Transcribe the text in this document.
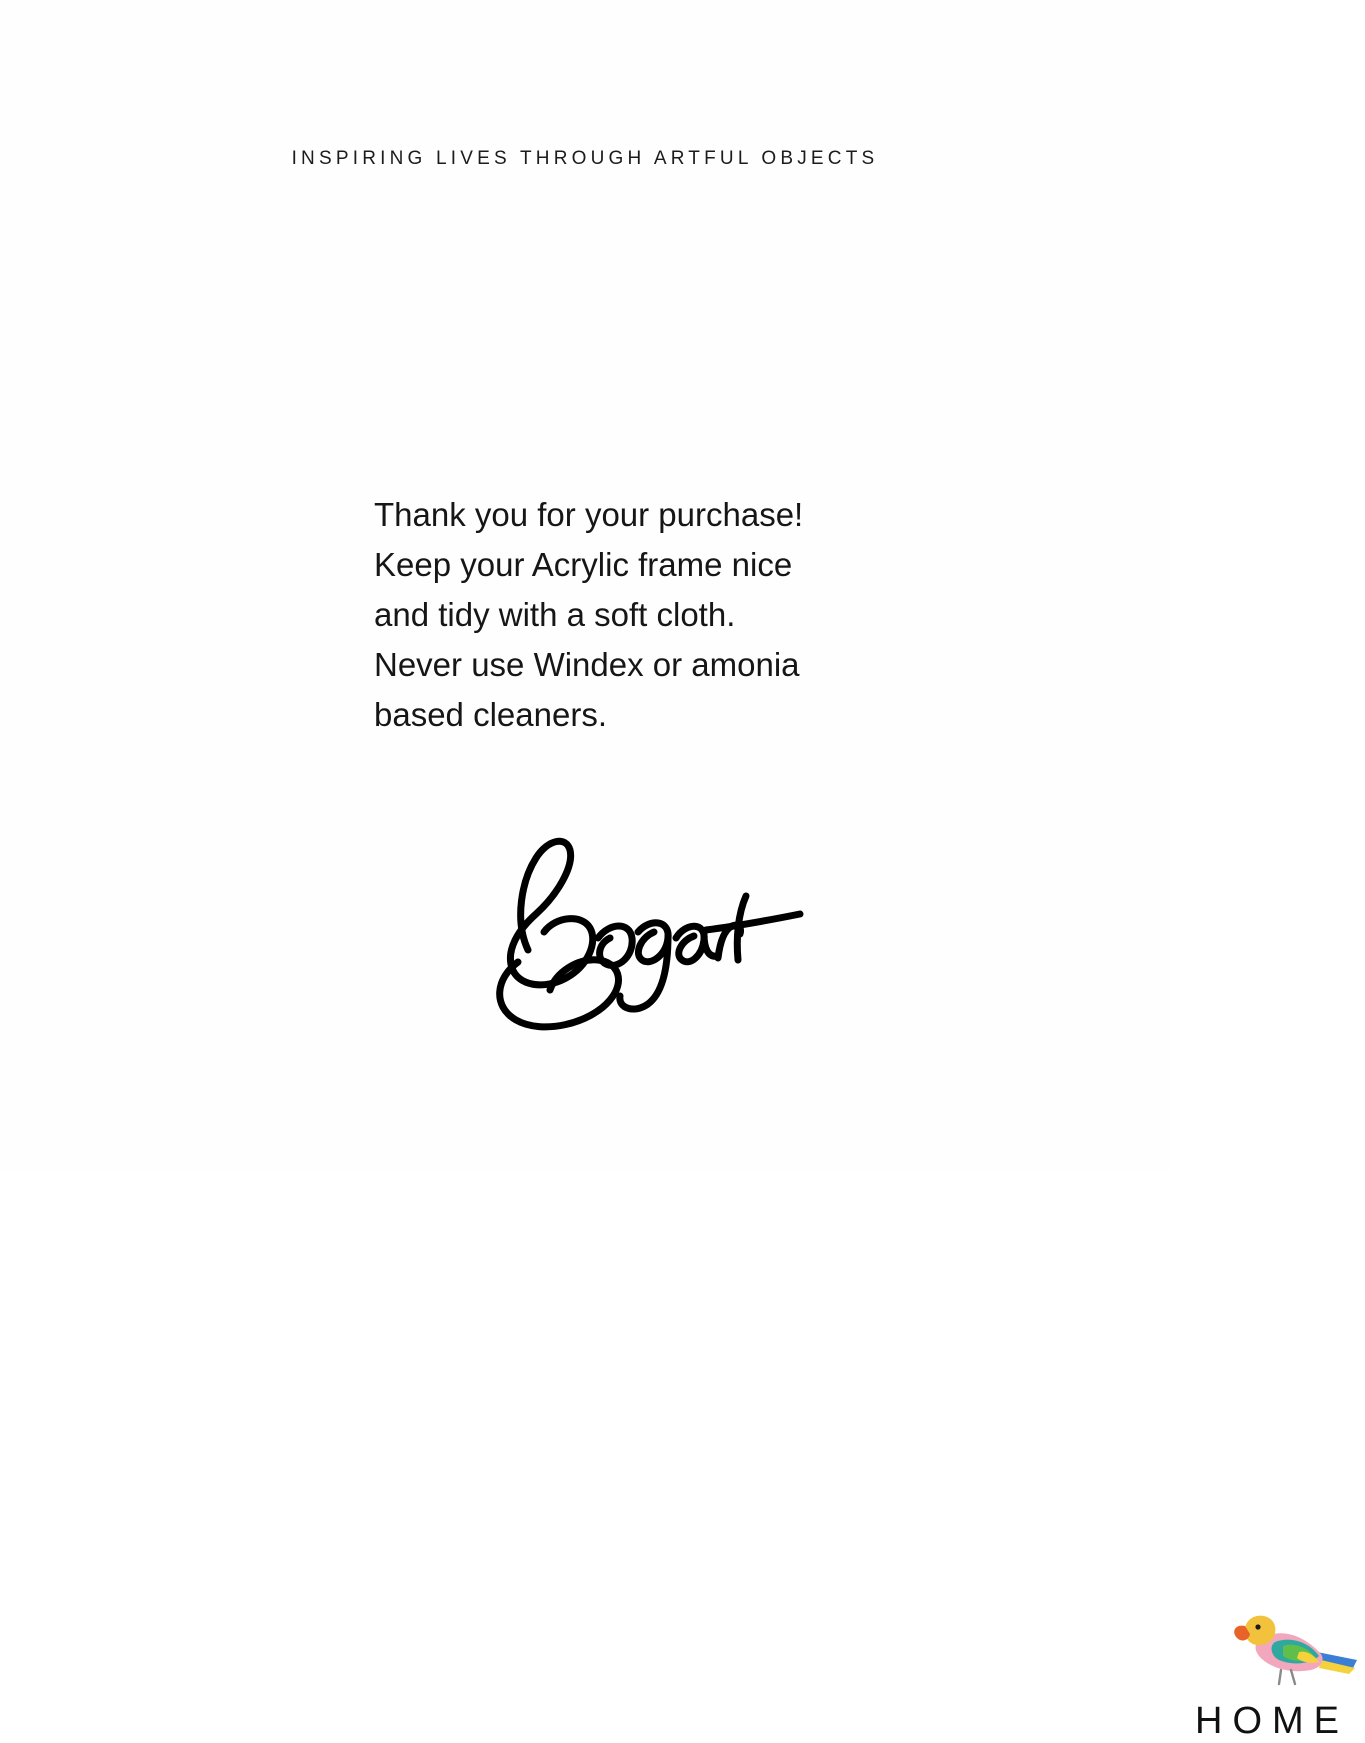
INSPIRING LIVES THROUGH ARTFUL OBJECTS
Thank you for your purchase!
Keep your Acrylic frame nice
and tidy with a soft cloth.
Never use Windex or amonia
based cleaners.
HOME
